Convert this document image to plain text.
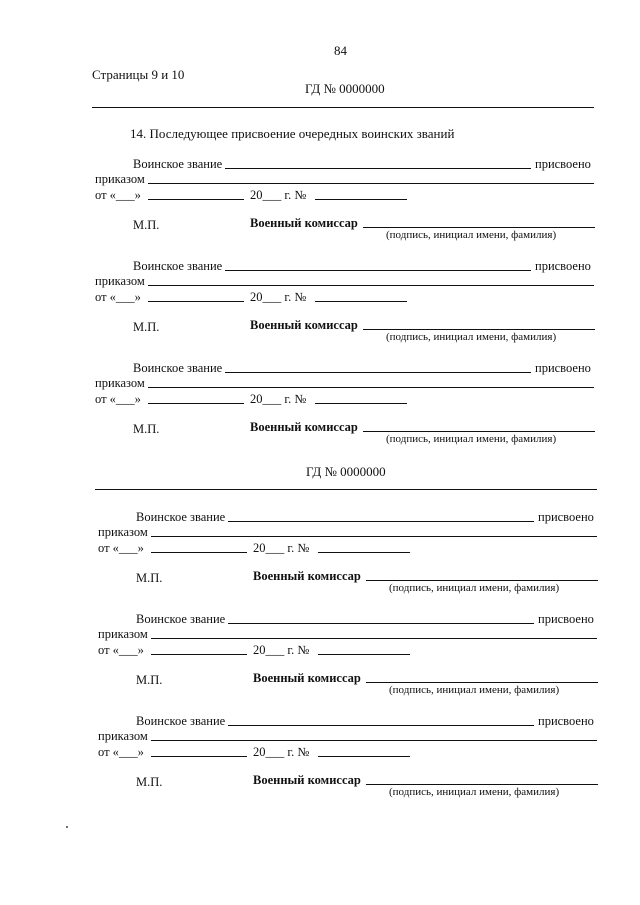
84
Страницы 9 и 10
ГД № 0000000
14. Последующее присвоение очередных воинских званий
Воинское звание	присвоено
приказом
от «___»	20___ г. №
М.П.	Военный комиссар
(подпись, инициал имени, фамилия)
Воинское звание	присвоено
приказом
от «___»	20___ г. №
М.П.	Военный комиссар
(подпись, инициал имени, фамилия)
Воинское звание	присвоено
приказом
от «___»	20___ г. №
М.П.	Военный комиссар
(подпись, инициал имени, фамилия)
ГД № 0000000
Воинское звание	присвоено
приказом
от «___»	20___ г. №
М.П.	Военный комиссар
(подпись, инициал имени, фамилия)
Воинское звание	присвоено
приказом
от «___»	20___ г. №
М.П.	Военный комиссар
(подпись, инициал имени, фамилия)
Воинское звание	присвоено
приказом
от «___»	20___ г. №
М.П.	Военный комиссар
(подпись, инициал имени, фамилия)
